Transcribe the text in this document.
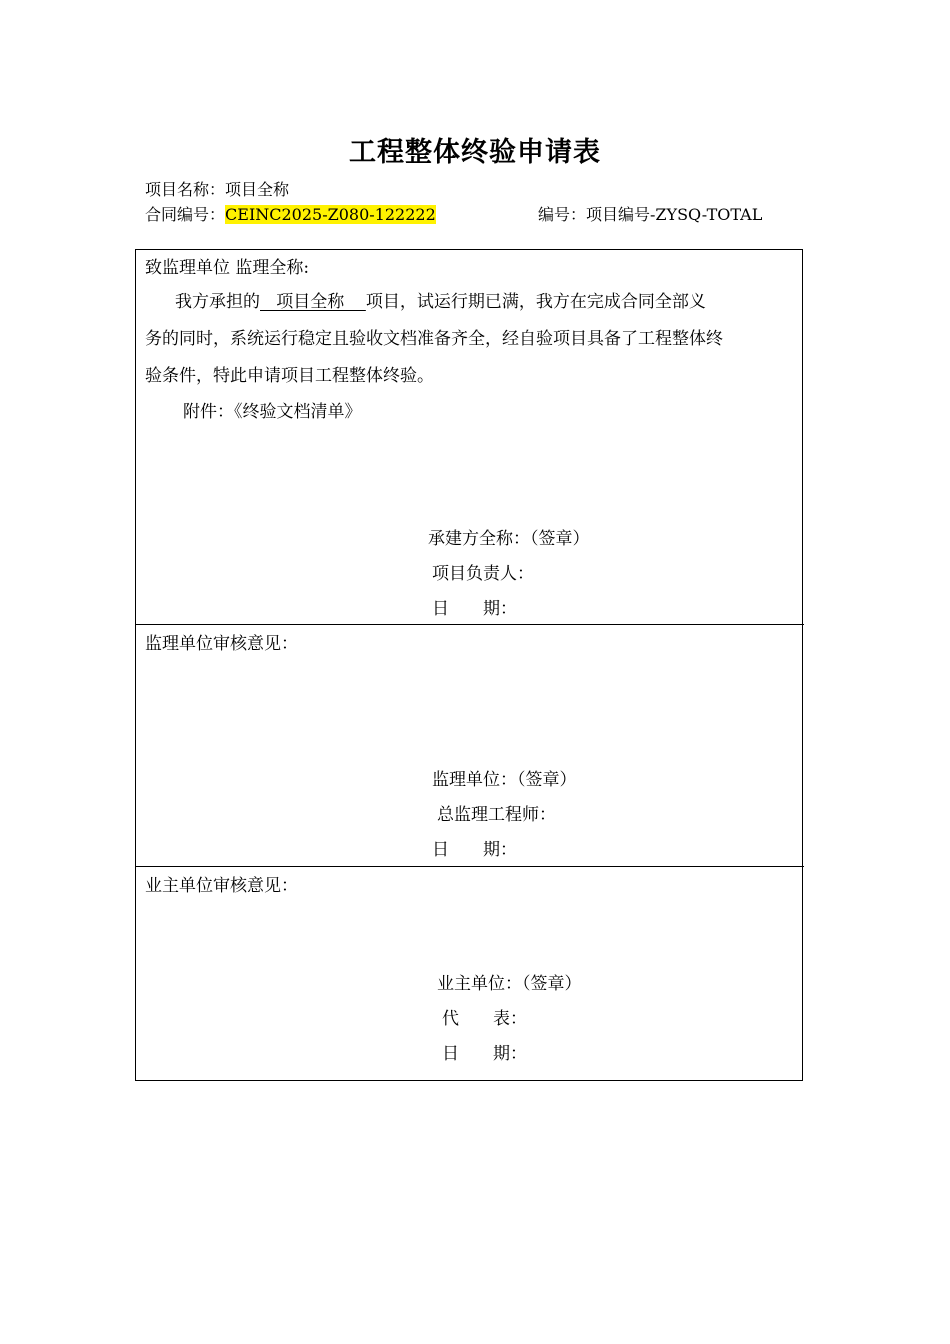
工程整体终验申请表
项目名称：项目全称
合同编号：CEINC2025-Z080-122222	编号：项目编号-ZYSQ-TOTAL
致监理单位 监理全称:
我方承担的   项目全称    项目，试运行期已满，我方在完成合同全部义
务的同时，系统运行稳定且验收文档准备齐全，经自验项目具备了工程整体终
验条件，特此申请项目工程整体终验。
附件：《终验文档清单》
承建方全称：（签章）
项目负责人：
日　　期：
监理单位审核意见：
监理单位：（签章）
总监理工程师：
日　　期：
业主单位审核意见：
业主单位：（签章）
代　　表：
日　　期：
